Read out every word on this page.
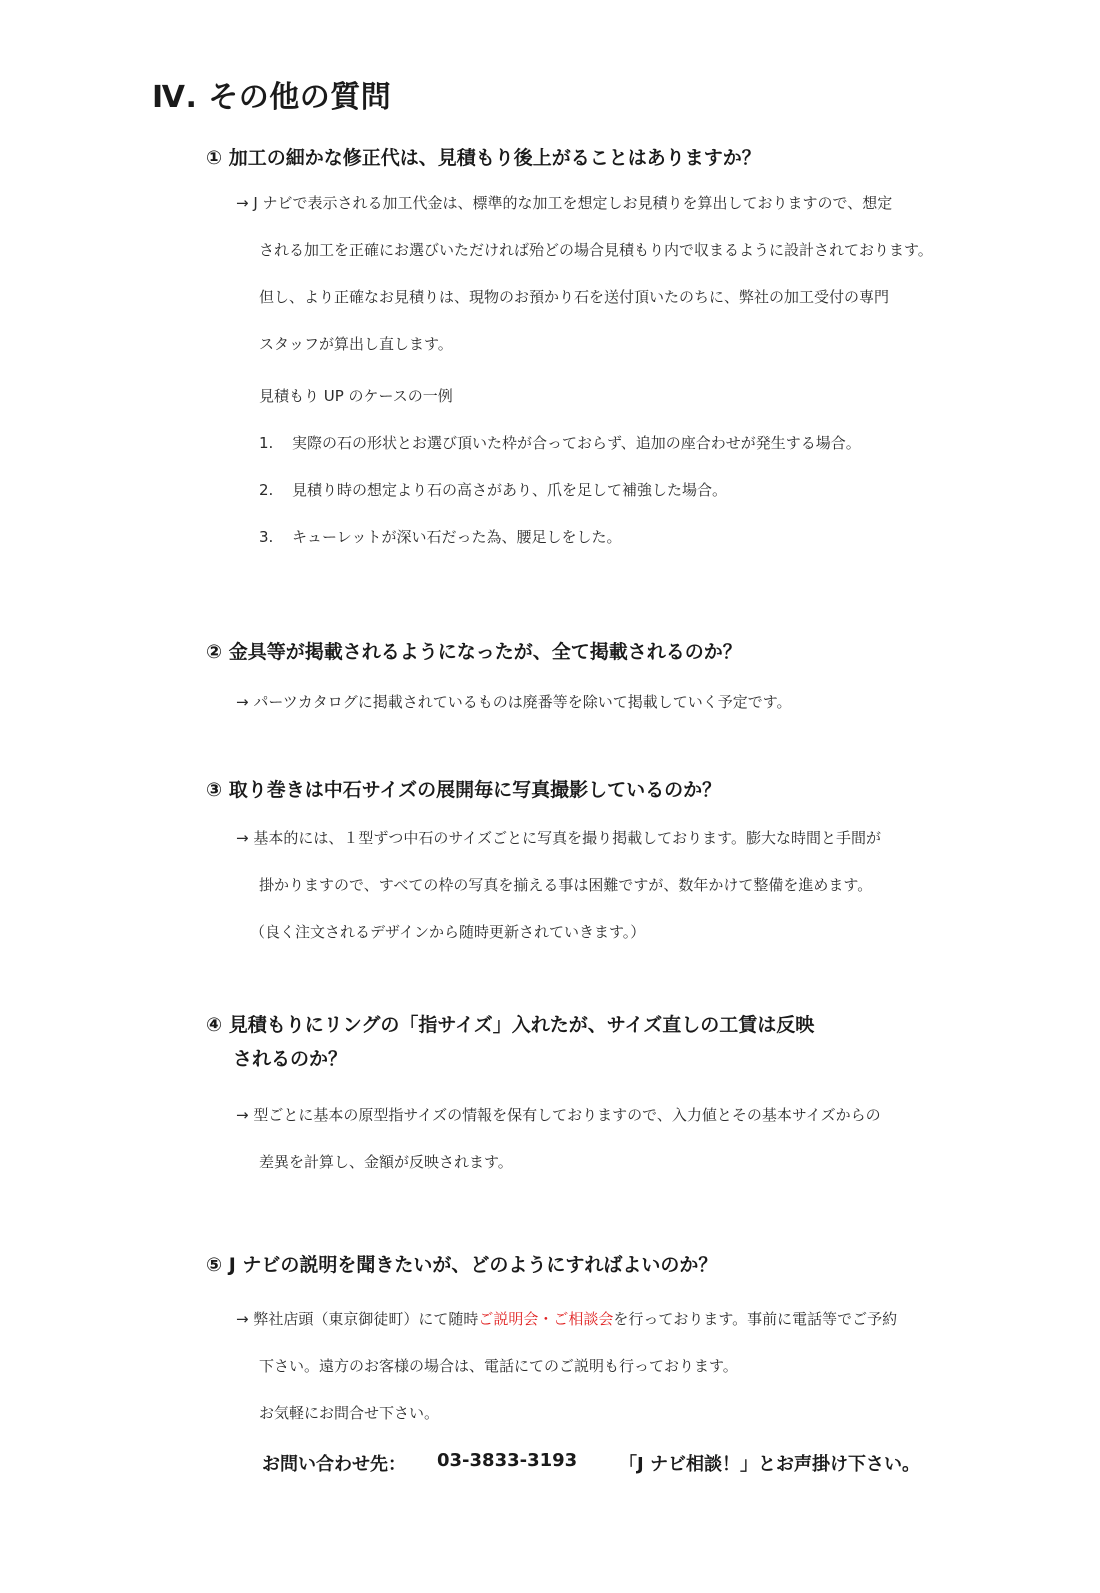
Ⅳ. その他の質問
① 加工の細かな修正代は、見積もり後上がることはありますか？
→ J ナビで表示される加工代金は、標準的な加工を想定しお見積りを算出しておりますので、想定
される加工を正確にお選びいただければ殆どの場合見積もり内で収まるように設計されております。
但し、より正確なお見積りは、現物のお預かり石を送付頂いたのちに、弊社の加工受付の専門
スタッフが算出し直します。
見積もり UP のケースの一例
1. 実際の石の形状とお選び頂いた枠が合っておらず、追加の座合わせが発生する場合。
2. 見積り時の想定より石の高さがあり、爪を足して補強した場合。
3. キューレットが深い石だった為、腰足しをした。
② 金具等が掲載されるようになったが、全て掲載されるのか？
→ パーツカタログに掲載されているものは廃番等を除いて掲載していく予定です。
③ 取り巻きは中石サイズの展開毎に写真撮影しているのか？
→ 基本的には、１型ずつ中石のサイズごとに写真を撮り掲載しております。膨大な時間と手間が
掛かりますので、すべての枠の写真を揃える事は困難ですが、数年かけて整備を進めます。
（良く注文されるデザインから随時更新されていきます。）
④ 見積もりにリングの「指サイズ」入れたが、サイズ直しの工賃は反映
されるのか？
→ 型ごとに基本の原型指サイズの情報を保有しておりますので、入力値とその基本サイズからの
差異を計算し、金額が反映されます。
⑤ J ナビの説明を聞きたいが、どのようにすればよいのか？
→ 弊社店頭（東京御徒町）にて随時ご説明会・ご相談会を行っております。事前に電話等でご予約
下さい。遠方のお客様の場合は、電話にてのご説明も行っております。
お気軽にお問合せ下さい。
お問い合わせ先： 03-3833-3193 「J ナビ相談！」とお声掛け下さい。
